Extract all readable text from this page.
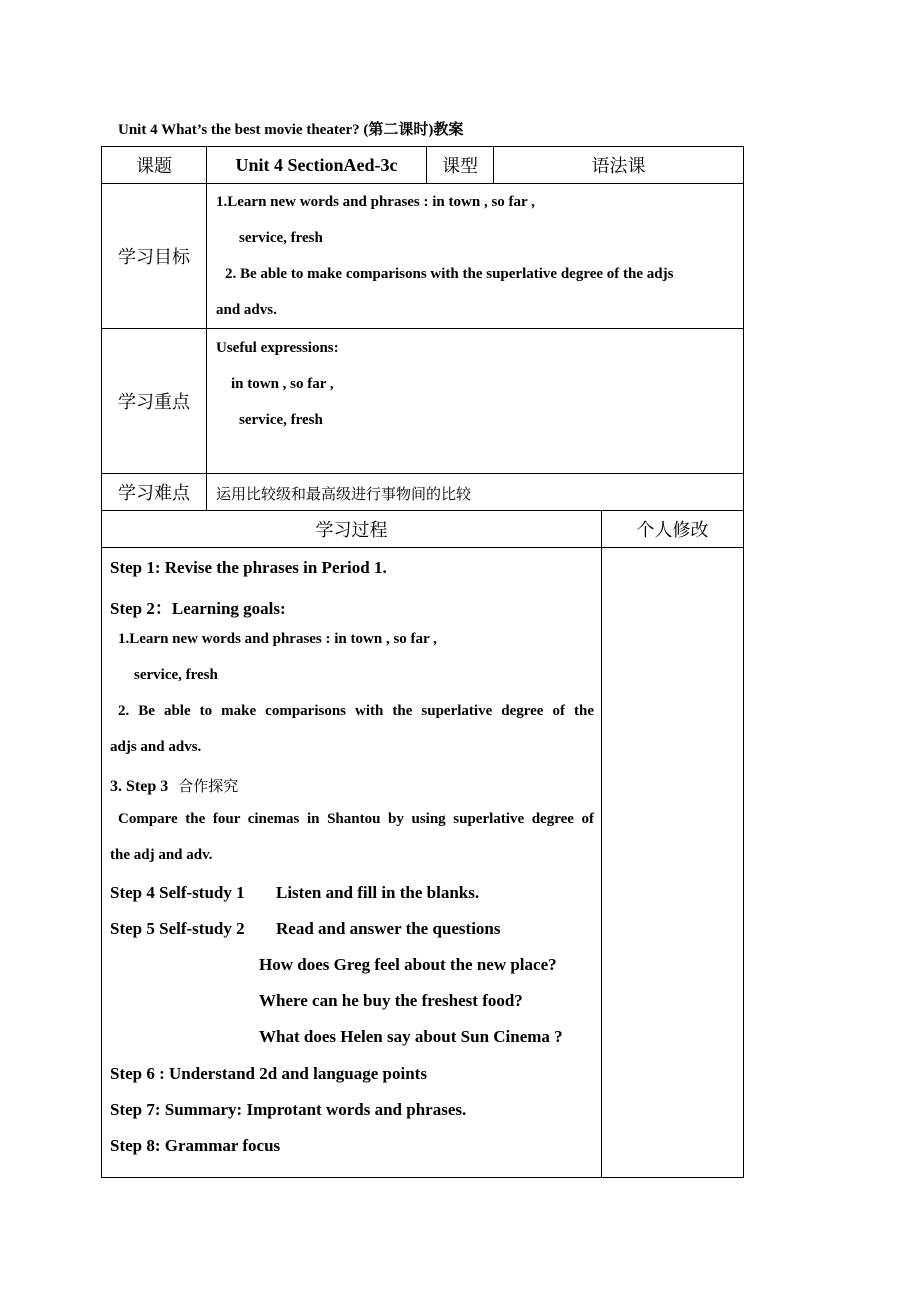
Unit 4 What’s the best movie theater? (第二课时)教案
课题	Unit 4 SectionAed-3c 课型	语法课
学习目标
1.Learn new words and phrases : in town , so far ,
service, fresh
2. Be able to make comparisons with the superlative degree of the adjs
and advs.
学习重点
Useful expressions:
in town , so far ,
service, fresh
学习难点 运用比较级和最高级进行事物间的比较
学习过程	个人修改
Step 1: Revise the phrases in Period 1.
Step 2：Learning goals:
1.Learn new words and phrases : in town , so far ,
service, fresh
2. Be able to make comparisons with the superlative degree of the
adjs and advs.
3. Step 3 合作探究
Compare the four cinemas in Shantou by using superlative degree of
the adj and adv.
Step 4 Self-study 1 Listen and fill in the blanks.
Step 5 Self-study 2 Read and answer the questions
How does Greg feel about the new place?
Where can he buy the freshest food?
What does Helen say about Sun Cinema ?
Step 6 : Understand 2d and language points
Step 7: Summary: Improtant words and phrases.
Step 8: Grammar focus
